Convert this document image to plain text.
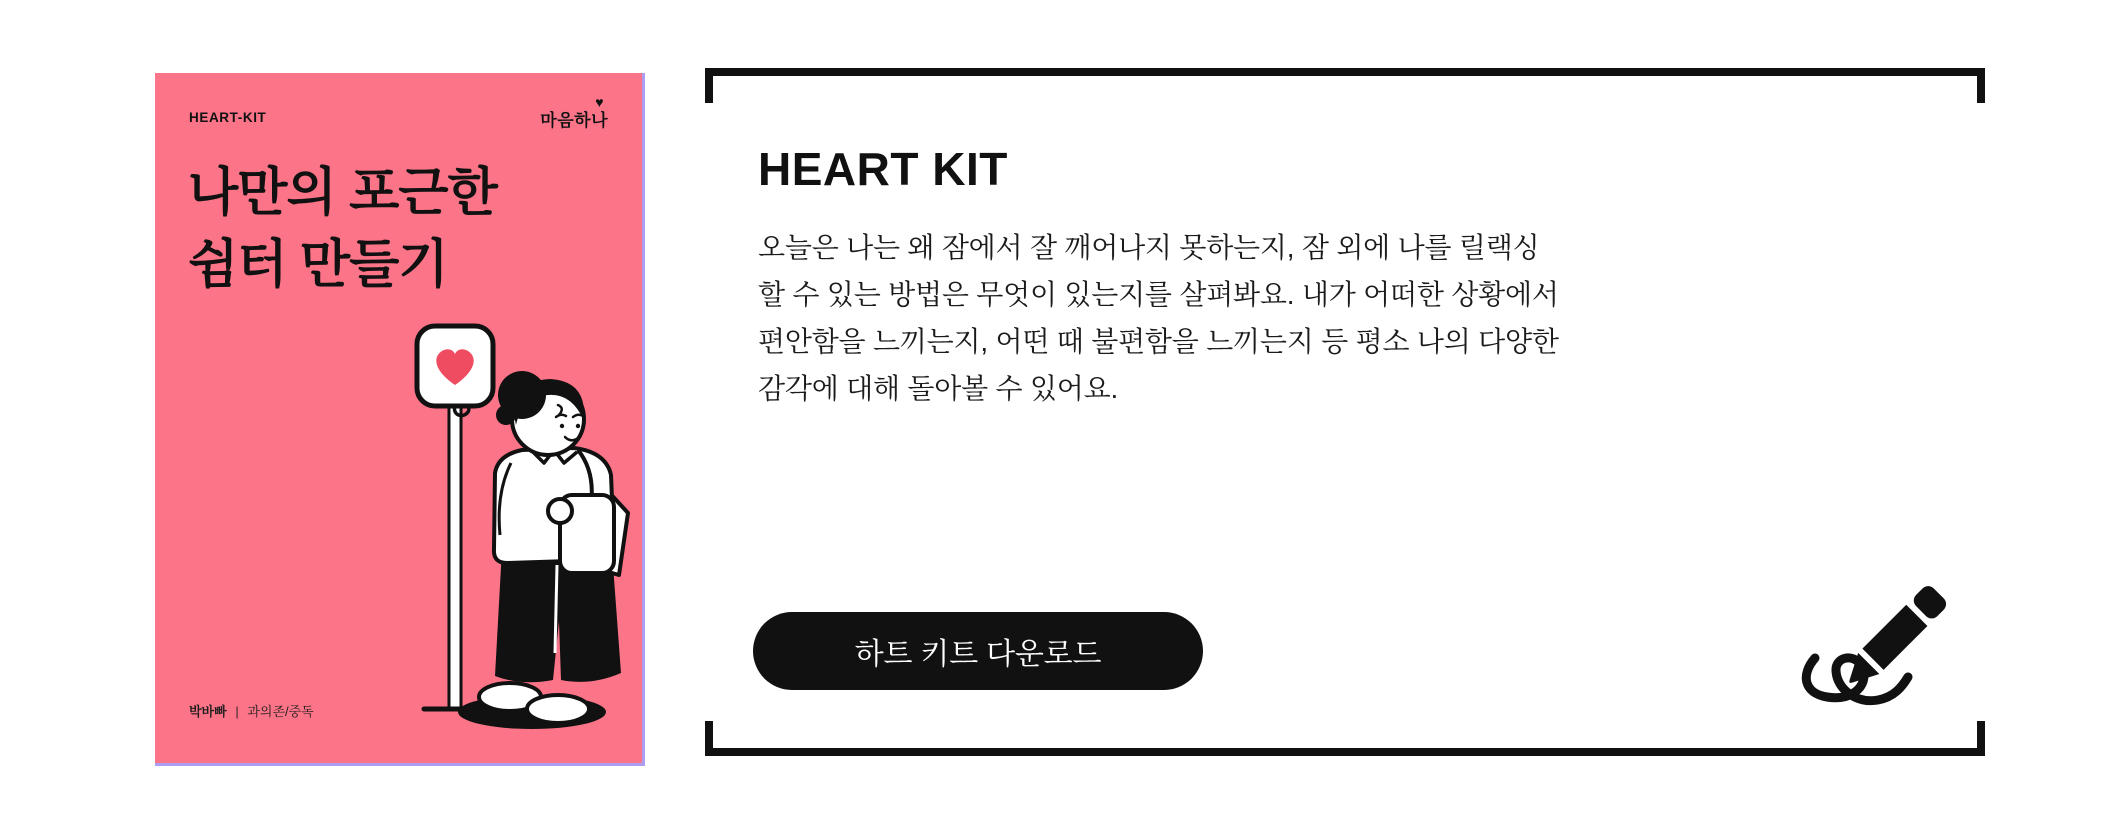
HEART-KIT	마음하나
♥
나만의 포근한
쉼터 만들기
박바빠 | 과의존/중독
HEART KIT
오늘은 나는 왜 잠에서 잘 깨어나지 못하는지, 잠 외에 나를 릴랙싱
할 수 있는 방법은 무엇이 있는지를 살펴봐요. 내가 어떠한 상황에서
편안함을 느끼는지, 어떤 때 불편함을 느끼는지 등 평소 나의 다양한
감각에 대해 돌아볼 수 있어요.
하트 키트 다운로드
